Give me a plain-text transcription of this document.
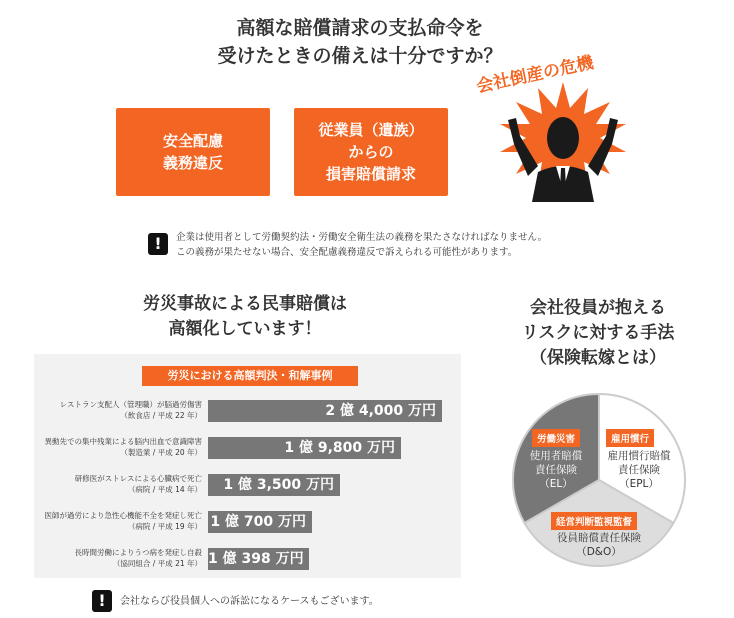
高額な賠償請求の支払命令を
受けたときの備えは十分ですか？
安全配慮
義務違反
従業員（遺族）
からの
損害賠償請求
会社倒産の危機
!	企業は使用者として労働契約法・労働安全衛生法の義務を果たさなければなりません。
この義務が果たせない場合、安全配慮義務違反で訴えられる可能性があります。
労災事故による民事賠償は
高額化しています！
労災における高額判決・和解事例
レストラン支配人（管理職）が脳過労傷害
（飲食店 / 平成 22 年）	2 億 4,000 万円
異動先での集中残業による脳内出血で意識障害
（製造業 / 平成 20 年）	1 億 9,800 万円
研修医がストレスによる心臓病で死亡
（病院 / 平成 14 年）	1 億 3,500 万円
医師が過労により急性心機能不全を発症し死亡
（病院 / 平成 19 年） 1 億 700 万円
長時間労働によりうつ病を発症し自殺
（協同組合 / 平成 21 年） 1 億 398 万円
会社役員が抱える
リスクに対する手法
（保険転嫁とは）
労働災害
使用者賠償
責任保険
（EL）
雇用慣行
雇用慣行賠償
責任保険
（EPL）
経営判断監視監督
役員賠償責任保険
（D&O）
!	会社ならび役員個人への訴訟になるケースもございます。
